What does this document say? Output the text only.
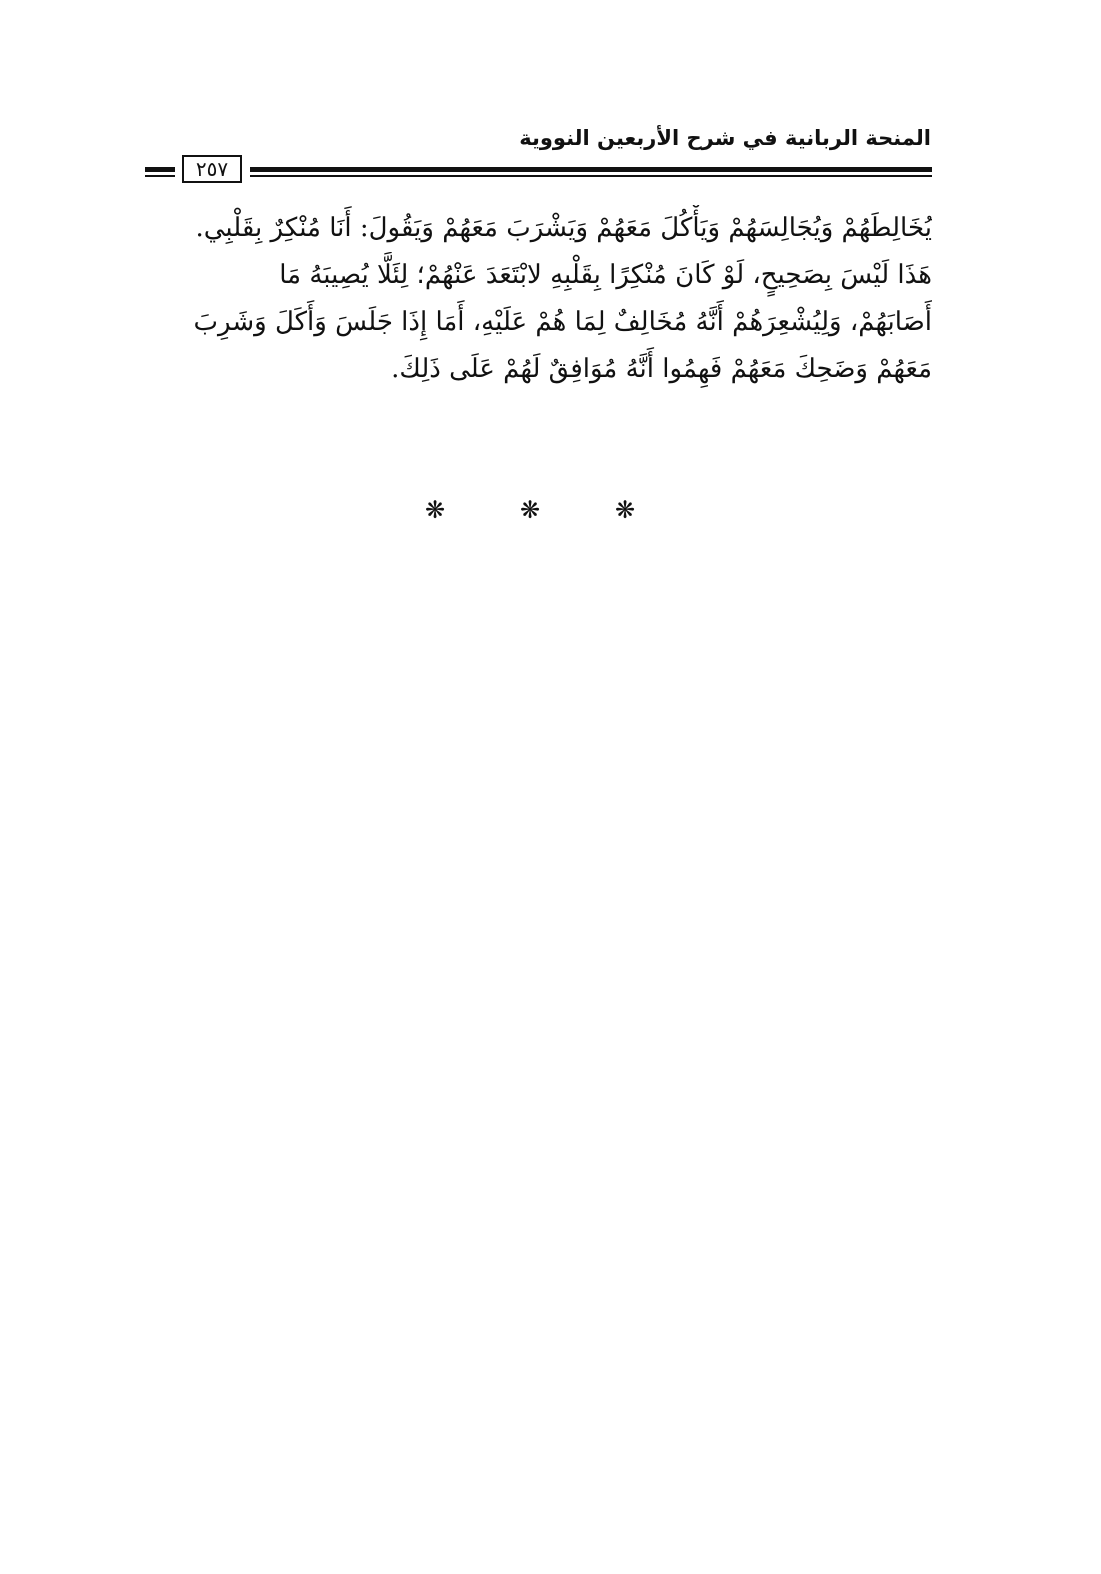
المنحة الربانية في شرح الأربعين النووية
٢٥٧

يُخَالِطَهُمْ وَيُجَالِسَهُمْ وَيَأْكُلَ مَعَهُمْ وَيَشْرَبَ مَعَهُمْ وَيَقُولَ: أَنَا مُنْكِرٌ بِقَلْبِي.

هَذَا لَيْسَ بِصَحِيحٍ، لَوْ كَانَ مُنْكِرًا بِقَلْبِهِ لابْتَعَدَ عَنْهُمْ؛ لِئَلَّا يُصِيبَهُ مَا

أَصَابَهُمْ، وَلِيُشْعِرَهُمْ أَنَّهُ مُخَالِفٌ لِمَا هُمْ عَلَيْهِ، أَمَا إِذَا جَلَسَ وَأَكَلَ وَشَرِبَ

مَعَهُمْ وَضَحِكَ مَعَهُمْ فَهِمُوا أَنَّهُ مُوَافِقٌ لَهُمْ عَلَى ذَلِكَ.

❋	❋	❋
